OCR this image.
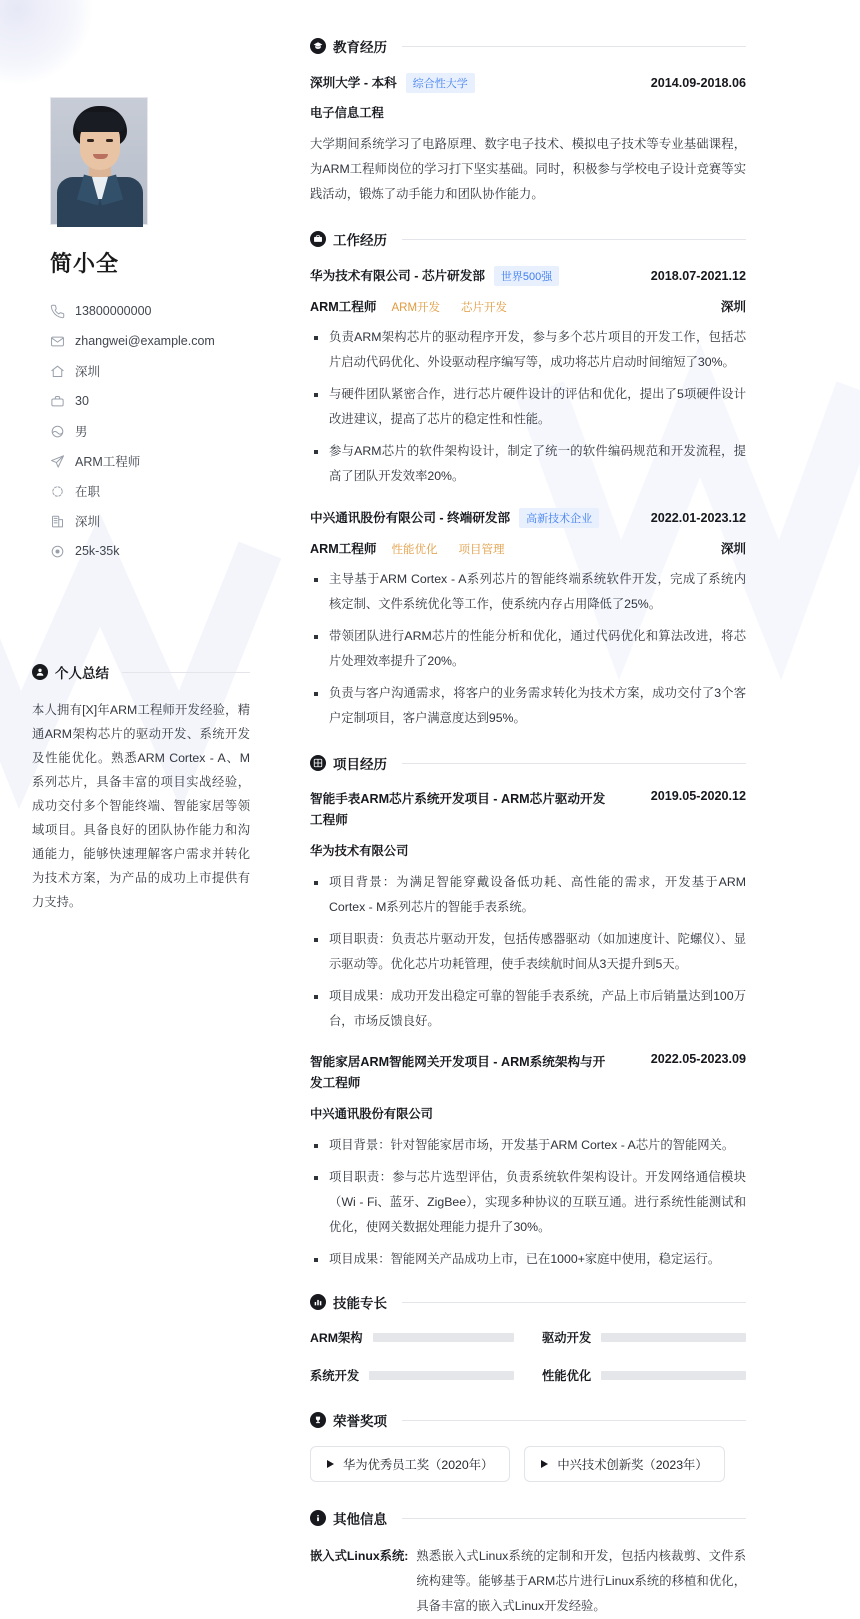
简小全
13800000000
zhangwei@example.com
深圳
30
男
ARM工程师
在职
深圳
25k-35k
个人总结
本人拥有[X]年ARM工程师开发经验，精通ARM架构芯片的驱动开发、系统开发及性能优化。熟悉ARM Cortex - A、M系列芯片，具备丰富的项目实战经验，成功交付多个智能终端、智能家居等领域项目。具备良好的团队协作能力和沟通能力，能够快速理解客户需求并转化为技术方案，为产品的成功上市提供有力支持。
教育经历
深圳大学 - 本科	综合性大学	2014.09-2018.06
电子信息工程
大学期间系统学习了电路原理、数字电子技术、模拟电子技术等专业基础课程，为ARM工程师岗位的学习打下坚实基础。同时，积极参与学校电子设计竞赛等实践活动，锻炼了动手能力和团队协作能力。
工作经历
华为技术有限公司 - 芯片研发部	世界500强	2018.07-2021.12
ARM工程师 ARM开发 芯片开发	深圳
负责ARM架构芯片的驱动程序开发，参与多个芯片项目的开发工作，包括芯片启动代码优化、外设驱动程序编写等，成功将芯片启动时间缩短了30%。
与硬件团队紧密合作，进行芯片硬件设计的评估和优化，提出了5项硬件设计改进建议，提高了芯片的稳定性和性能。
参与ARM芯片的软件架构设计，制定了统一的软件编码规范和开发流程，提高了团队开发效率20%。
中兴通讯股份有限公司 - 终端研发部	高新技术企业	2022.01-2023.12
ARM工程师 性能优化 项目管理	深圳
主导基于ARM Cortex - A系列芯片的智能终端系统软件开发，完成了系统内核定制、文件系统优化等工作，使系统内存占用降低了25%。
带领团队进行ARM芯片的性能分析和优化，通过代码优化和算法改进，将芯片处理效率提升了20%。
负责与客户沟通需求，将客户的业务需求转化为技术方案，成功交付了3个客户定制项目，客户满意度达到95%。
项目经历
智能手表ARM芯片系统开发项目 - ARM芯片驱动开发工程师
2019.05-2020.12
华为技术有限公司
项目背景：为满足智能穿戴设备低功耗、高性能的需求，开发基于ARM Cortex - M系列芯片的智能手表系统。
项目职责：负责芯片驱动开发，包括传感器驱动（如加速度计、陀螺仪）、显示驱动等。优化芯片功耗管理，使手表续航时间从3天提升到5天。
项目成果：成功开发出稳定可靠的智能手表系统，产品上市后销量达到100万台，市场反馈良好。
智能家居ARM智能网关开发项目 - ARM系统架构与开发工程师
2022.05-2023.09
中兴通讯股份有限公司
项目背景：针对智能家居市场，开发基于ARM Cortex - A芯片的智能网关。
项目职责：参与芯片选型评估，负责系统软件架构设计。开发网络通信模块（Wi - Fi、蓝牙、ZigBee），实现多种协议的互联互通。进行系统性能测试和优化，使网关数据处理能力提升了30%。
项目成果：智能网关产品成功上市，已在1000+家庭中使用，稳定运行。
技能专长
ARM架构	驱动开发
系统开发	性能优化
荣誉奖项
华为优秀员工奖（2020年）	中兴技术创新奖（2023年）
其他信息
嵌入式Linux系统: 熟悉嵌入式Linux系统的定制和开发，包括内核裁剪、文件系统构建等。能够基于ARM芯片进行Linux系统的移植和优化，具备丰富的嵌入式Linux开发经验。
